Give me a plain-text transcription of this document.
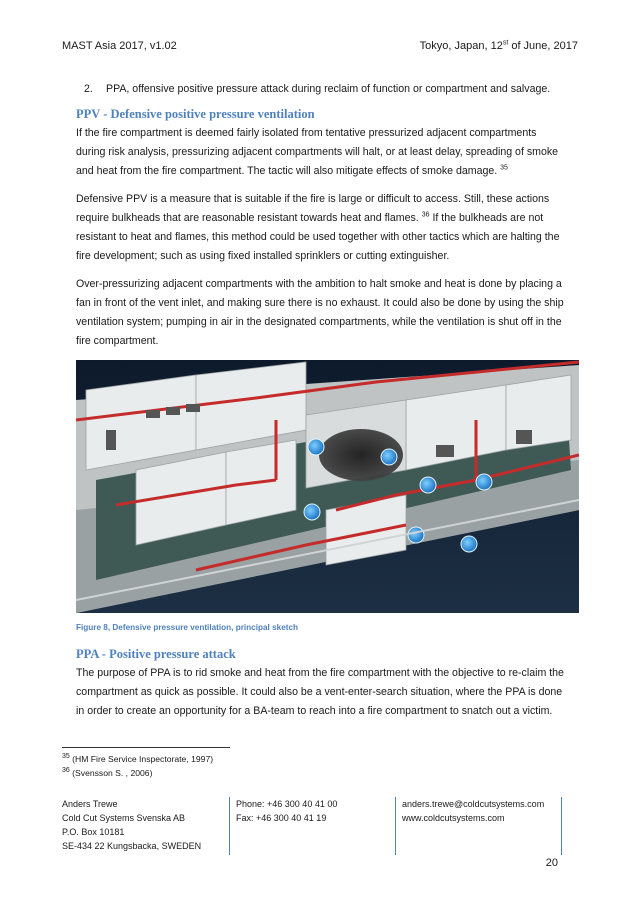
MAST Asia 2017, v1.02	Tokyo, Japan, 12st of June, 2017
2. PPA, offensive positive pressure attack during reclaim of function or compartment and salvage.
PPV - Defensive positive pressure ventilation

If the fire compartment is deemed fairly isolated from tentative pressurized adjacent compartments during risk analysis, pressurizing adjacent compartments will halt, or at least delay, spreading of smoke and heat from the fire compartment. The tactic will also mitigate effects of smoke damage. $^{35}$

Defensive PPV is a measure that is suitable if the fire is large or difficult to access. Still, these actions require bulkheads that are reasonable resistant towards heat and flames. $^{36}$ If the bulkheads are not resistant to heat and flames, this method could be used together with other tactics which are halting the fire development; such as using fixed installed sprinklers or cutting extinguisher.

Over-pressurizing adjacent compartments with the ambition to halt smoke and heat is done by placing a fan in front of the vent inlet, and making sure there is no exhaust. It could also be done by using the ship ventilation system; pumping in air in the designated compartments, while the ventilation is shut off in the fire compartment.

Figure 8, Defensive pressure ventilation, principal sketch
PPA - Positive pressure attack

The purpose of PPA is to rid smoke and heat from the fire compartment with the objective to re-claim the compartment as quick as possible. It could also be a vent-enter-search situation, where the PPA is done in order to create an opportunity for a BA-team to reach into a fire compartment to snatch out a victim.

$^{35}$ (HM Fire Service Inspectorate, 1997)
$^{36}$ (Svensson S. , 2006)
Anders Trewe
Cold Cut Systems Svenska AB
P.O. Box 10181
SE-434 22 Kungsbacka, SWEDEN
Phone: +46 300 40 41 00
Fax: +46 300 40 41 19
anders.trewe@coldcutsystems.com
www.coldcutsystems.com
20
